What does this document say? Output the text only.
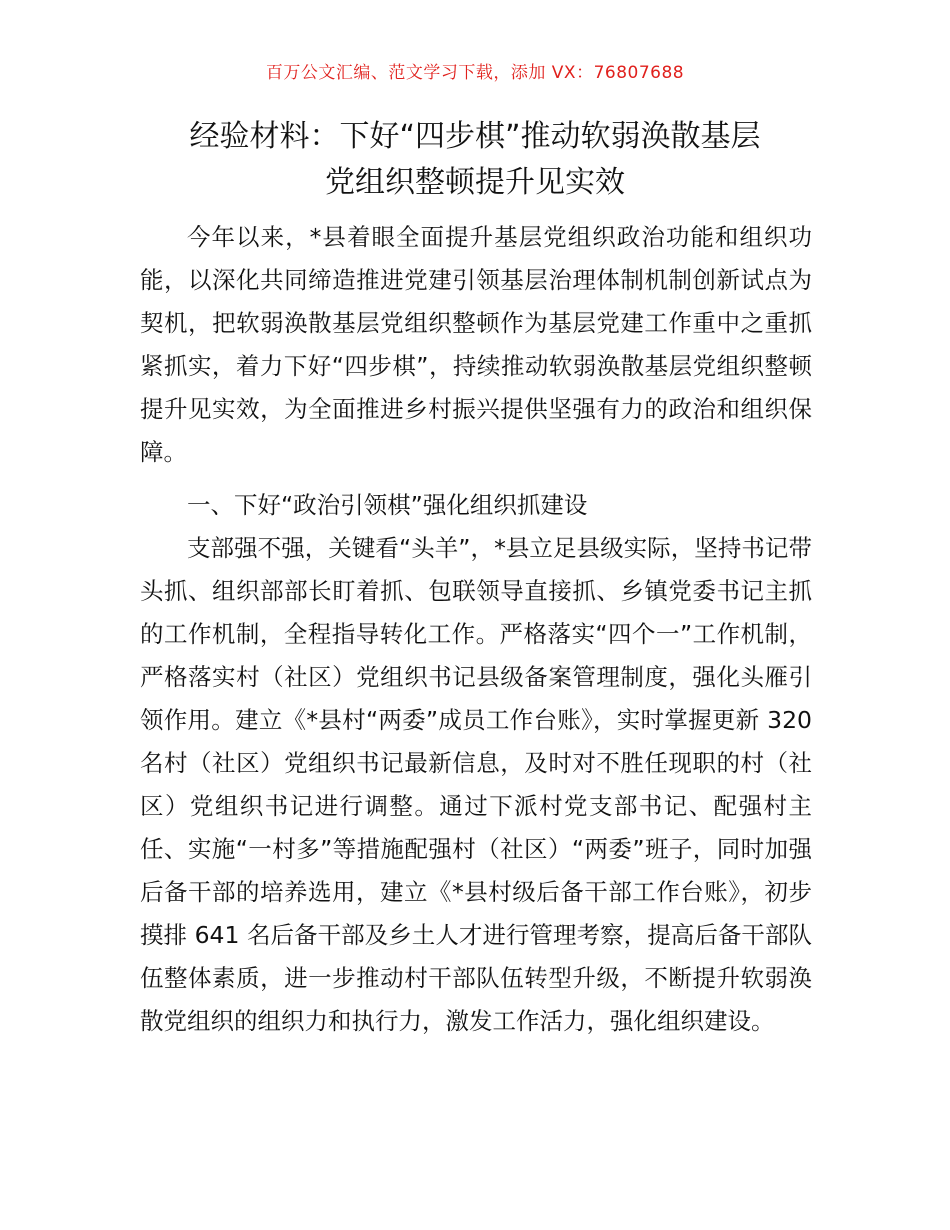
百万公文汇编、范文学习下载，添加 VX：76807688
经验材料：下好“四步棋”推动软弱涣散基层
党组织整顿提升见实效

今年以来，*县着眼全面提升基层党组织政治功能和组织功能，以深化共同缔造推进党建引领基层治理体制机制创新试点为契机，把软弱涣散基层党组织整顿作为基层党建工作重中之重抓紧抓实，着力下好“四步棋”，持续推动软弱涣散基层党组织整顿提升见实效，为全面推进乡村振兴提供坚强有力的政治和组织保障。

一、下好“政治引领棋”强化组织抓建设

支部强不强，关键看“头羊”，*县立足县级实际，坚持书记带头抓、组织部部长盯着抓、包联领导直接抓、乡镇党委书记主抓的工作机制，全程指导转化工作。严格落实“四个一”工作机制，严格落实村（社区）党组织书记县级备案管理制度，强化头雁引领作用。建立《*县村“两委”成员工作台账》，实时掌握更新 320 名村（社区）党组织书记最新信息，及时对不胜任现职的村（社区）党组织书记进行调整。通过下派村党支部书记、配强村主任、实施“一村多”等措施配强村（社区）“两委”班子，同时加强后备干部的培养选用，建立《*县村级后备干部工作台账》，初步摸排 641 名后备干部及乡土人才进行管理考察，提高后备干部队伍整体素质，进一步推动村干部队伍转型升级，不断提升软弱涣散党组织的组织力和执行力，激发工作活力，强化组织建设。
